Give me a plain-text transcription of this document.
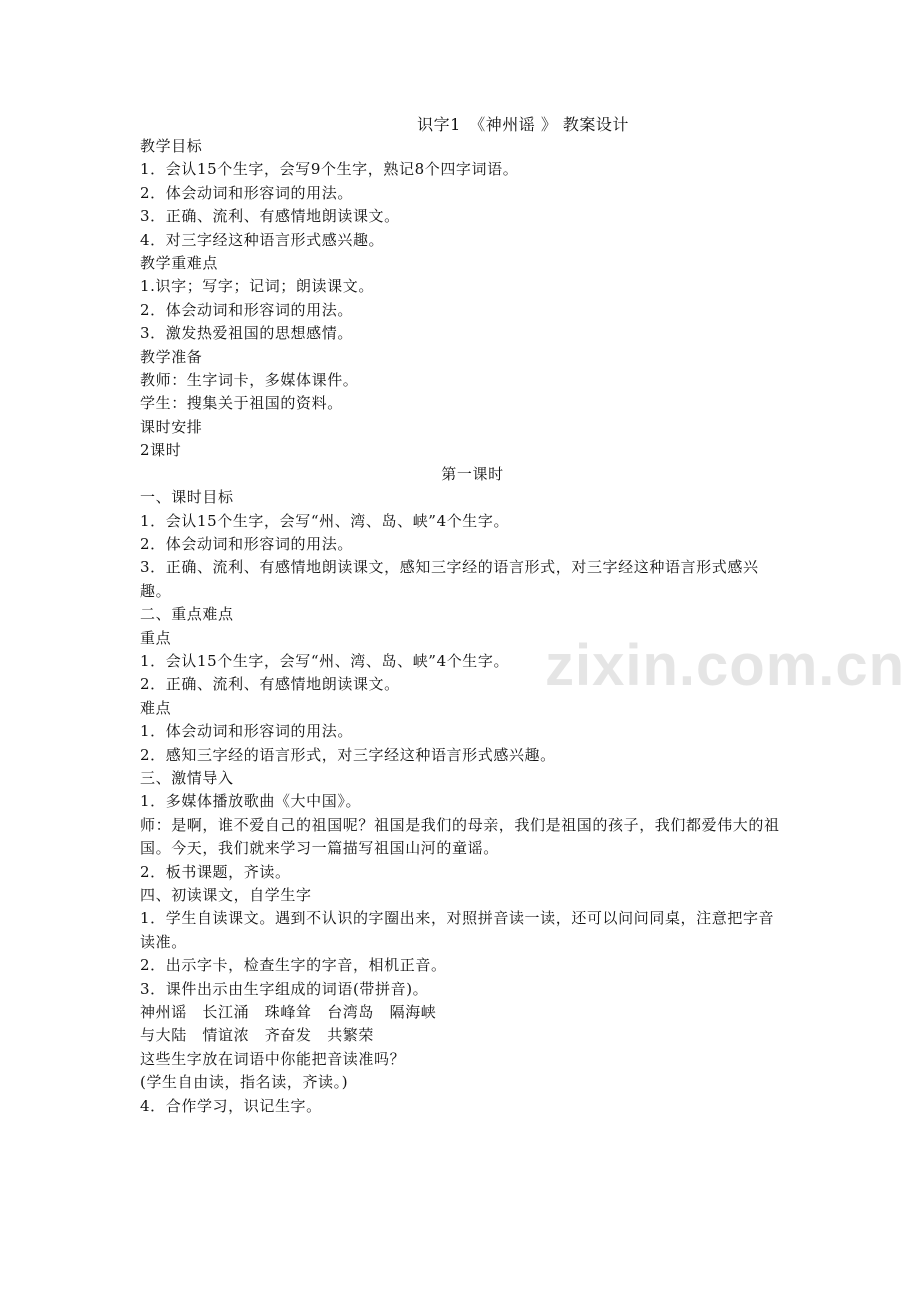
识字1　《神州谣 》 教案设计
教学目标
1．会认15个生字，会写9个生字，熟记8个四字词语。
2．体会动词和形容词的用法。
3．正确、流利、有感情地朗读课文。
4．对三字经这种语言形式感兴趣。
教学重难点
1.识字；写字；记词；朗读课文。
2．体会动词和形容词的用法。
3．激发热爱祖国的思想感情。
教学准备
教师：生字词卡，多媒体课件。
学生：搜集关于祖国的资料。
课时安排
2课时
第一课时
一、课时目标
1．会认15个生字，会写“州、湾、岛、峡”4个生字。
2．体会动词和形容词的用法。
3．正确、流利、有感情地朗读课文，感知三字经的语言形式，对三字经这种语言形式感兴趣。
二、重点难点
重点
1．会认15个生字，会写“州、湾、岛、峡”4个生字。
2．正确、流利、有感情地朗读课文。
难点
1．体会动词和形容词的用法。
2．感知三字经的语言形式，对三字经这种语言形式感兴趣。
三、激情导入
1．多媒体播放歌曲《大中国》。
师：是啊，谁不爱自己的祖国呢？祖国是我们的母亲，我们是祖国的孩子，我们都爱伟大的祖国。今天，我们就来学习一篇描写祖国山河的童谣。
2．板书课题，齐读。
四、初读课文，自学生字
1．学生自读课文。遇到不认识的字圈出来，对照拼音读一读，还可以问问同桌，注意把字音读准。
2．出示字卡，检查生字的字音，相机正音。
3．课件出示由生字组成的词语(带拼音)。
神州谣　长江涌　珠峰耸　台湾岛　隔海峡
与大陆　情谊浓　齐奋发　共繁荣
这些生字放在词语中你能把音读准吗？
(学生自由读，指名读，齐读。)
4．合作学习，识记生字。
zixin.com.cn
